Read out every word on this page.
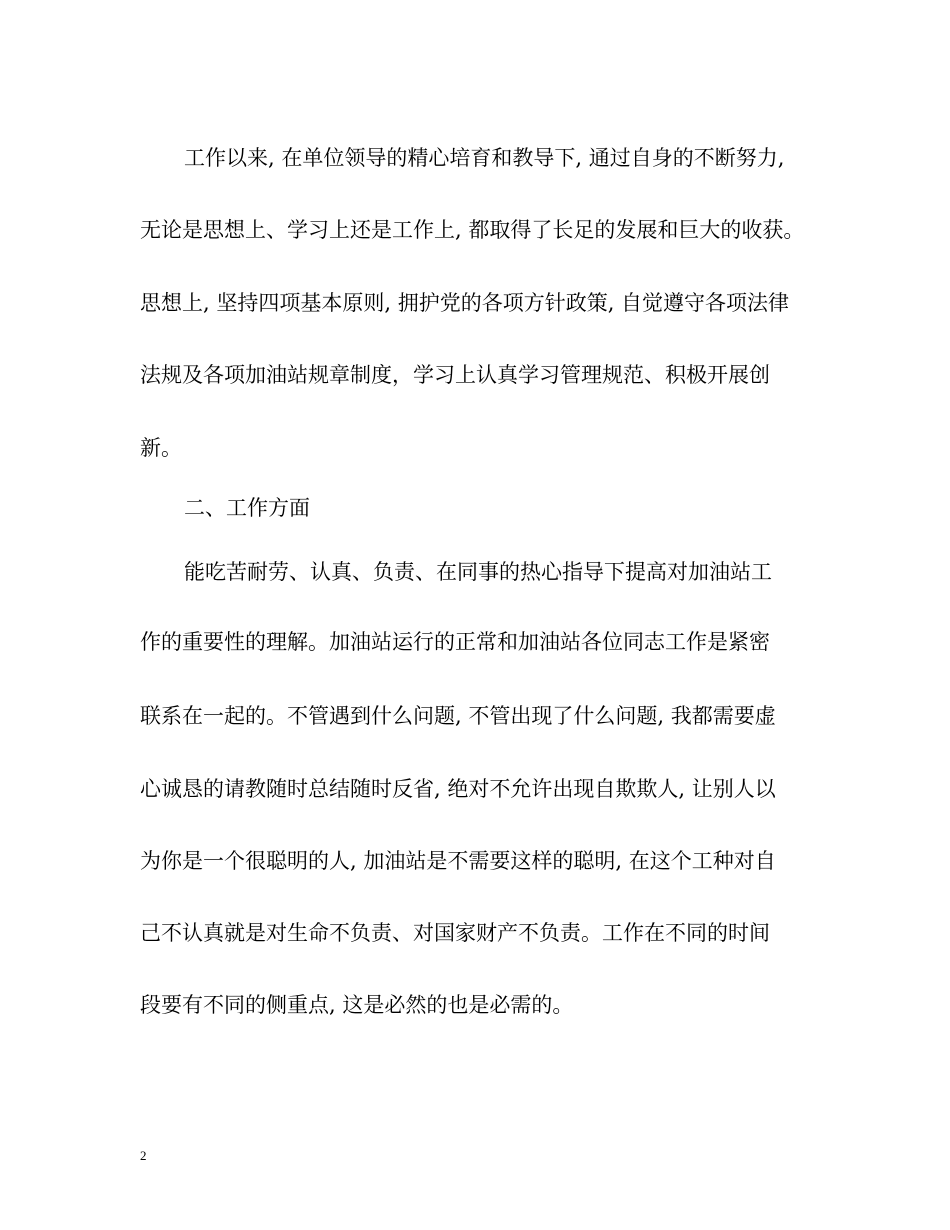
工作以来, 在单位领导的精心培育和教导下, 通过自身的不断努力,
无论是思想上、学习上还是工作上, 都取得了长足的发展和巨大的收获。
思想上, 坚持四项基本原则, 拥护党的各项方针政策, 自觉遵守各项法律
法规及各项加油站规章制度，学习上认真学习管理规范、积极开展创
新。
二、工作方面
能吃苦耐劳、认真、负责、在同事的热心指导下提高对加油站工
作的重要性的理解。加油站运行的正常和加油站各位同志工作是紧密
联系在一起的。不管遇到什么问题, 不管出现了什么问题, 我都需要虚
心诚恳的请教随时总结随时反省, 绝对不允许出现自欺欺人, 让别人以
为你是一个很聪明的人, 加油站是不需要这样的聪明, 在这个工种对自
己不认真就是对生命不负责、对国家财产不负责。工作在不同的时间
段要有不同的侧重点, 这是必然的也是必需的。
2
